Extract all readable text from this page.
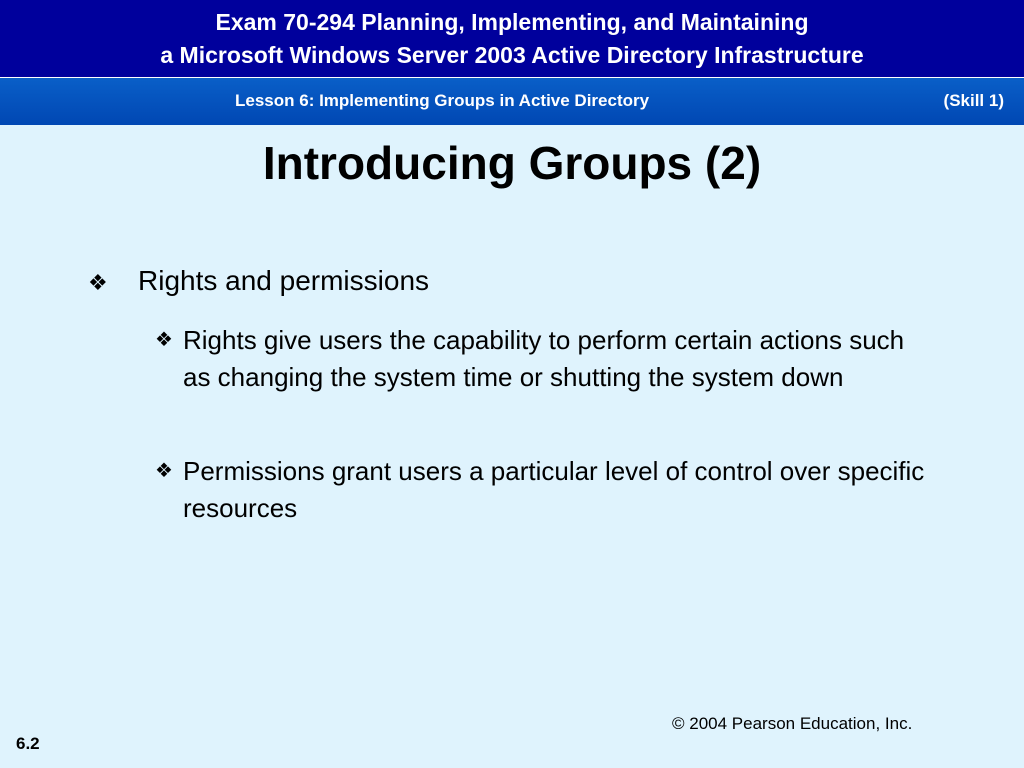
Exam 70-294 Planning, Implementing, and Maintaining
a Microsoft Windows Server 2003 Active Directory Infrastructure
Lesson 6: Implementing Groups in Active Directory	(Skill 1)
Introducing Groups (2)
❖ Rights and permissions
❖ Rights give users the capability to perform certain actions such as changing the system time or shutting the system down
❖ Permissions grant users a particular level of control over specific resources
© 2004 Pearson Education, Inc.
6.2
